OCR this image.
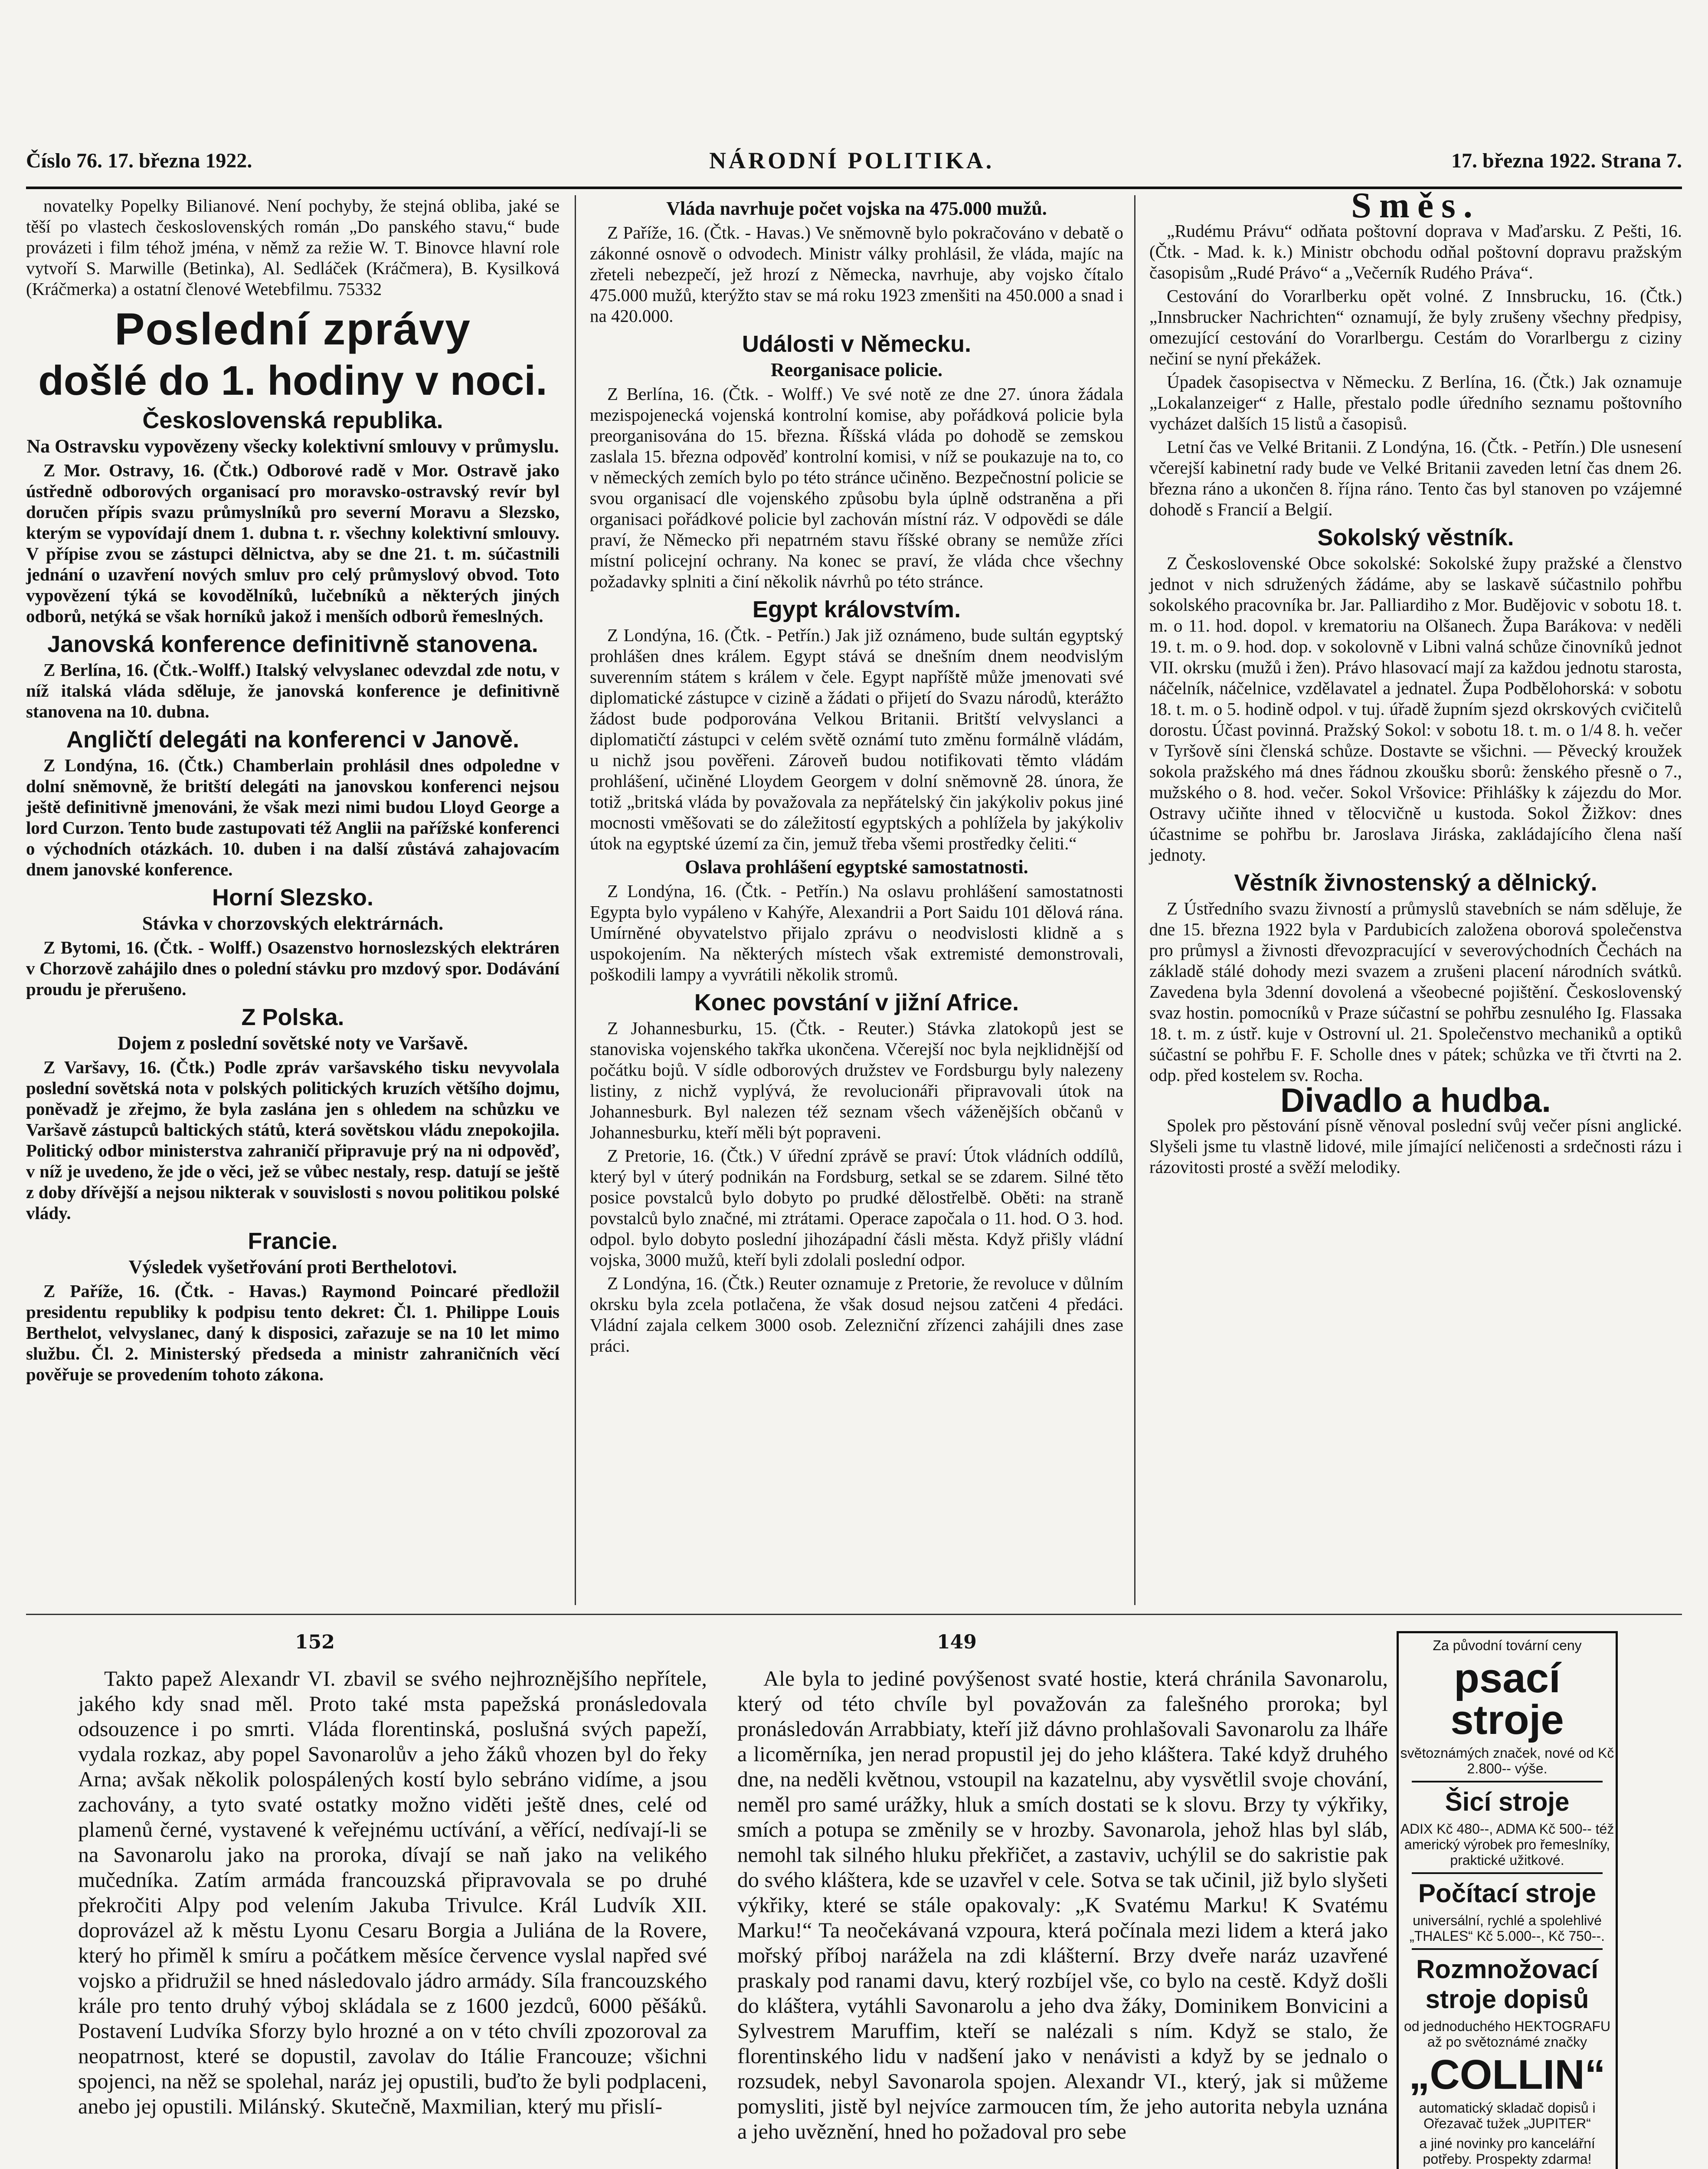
Číslo 76. 17. března 1922.	NÁRODNÍ POLITIKA.	17. března 1922. Strana 7.

novatelky Popelky Bilianové. Není pochyby, že stejná obliba, jaké se těší po vlastech československých román „Do panského stavu,“ bude provázeti i film téhož jména, v němž za režie W. T. Binovce hlavní role vytvoří S. Marwille (Betinka), Al. Sedláček (Kráčmera), B. Kysilková (Kráčmerka) a ostatní členové Wetebfilmu. 75332

Poslední zprávy
došlé do 1. hodiny v noci.
Československá republika.
Na Ostravsku vypovězeny všecky kolektivní smlouvy v průmyslu.

Z Mor. Ostravy, 16. (Čtk.) Odborové radě v Mor. Ostravě jako ústředně odborových organisací pro moravsko-ostravský revír byl doručen přípis svazu průmyslníků pro severní Moravu a Slezsko, kterým se vypovídají dnem 1. dubna t. r. všechny kolektivní smlouvy. V přípise zvou se zástupci dělnictva, aby se dne 21. t. m. súčastnili jednání o uzavření nových smluv pro celý průmyslový obvod. Toto vypovězení týká se kovodělníků, lučebníků a některých jiných odborů, netýká se však horníků jakož i menších odborů řemeslných.

Janovská konference definitivně stanovena.

Z Berlína, 16. (Čtk.-Wolff.) Italský velvyslanec odevzdal zde notu, v níž italská vláda sděluje, že janovská konference je definitivně stanovena na 10. dubna.

Angličtí delegáti na konferenci v Janově.

Z Londýna, 16. (Čtk.) Chamberlain prohlásil dnes odpoledne v dolní sněmovně, že britští delegáti na janovskou konferenci nejsou ještě definitivně jmenováni, že však mezi nimi budou Lloyd George a lord Curzon. Tento bude zastupovati též Anglii na pařížské konferenci o východních otázkách. 10. duben i na další zůstává zahajovacím dnem janovské konference.

Horní Slezsko.
Stávka v chorzovských elektrárnách.

Z Bytomi, 16. (Čtk. - Wolff.) Osazenstvo hornoslezských elektráren v Chorzově zahájilo dnes o polední stávku pro mzdový spor. Dodávání proudu je přerušeno.

Z Polska.
Dojem z poslední sovětské noty ve Varšavě.

Z Varšavy, 16. (Čtk.) Podle zpráv varšavského tisku nevyvolala poslední sovětská nota v polských politických kruzích většího dojmu, poněvadž je zřejmo, že byla zaslána jen s ohledem na schůzku ve Varšavě zástupců baltických států, která sovětskou vládu znepokojila. Politický odbor ministerstva zahraničí připravuje prý na ni odpověď, v níž je uvedeno, že jde o věci, jež se vůbec nestaly, resp. datují se ještě z doby dřívější a nejsou nikterak v souvislosti s novou politikou polské vlády.

Francie.
Výsledek vyšetřování proti Berthelotovi.

Z Paříže, 16. (Čtk. - Havas.) Raymond Poincaré předložil presidentu republiky k podpisu tento dekret: Čl. 1. Philippe Louis Berthelot, velvyslanec, daný k disposici, zařazuje se na 10 let mimo službu. Čl. 2. Ministerský předseda a ministr zahraničních věcí pověřuje se provedením tohoto zákona.

Vláda navrhuje počet vojska na 475.000 mužů.

Z Paříže, 16. (Čtk. - Havas.) Ve sněmovně bylo pokračováno v debatě o zákonné osnově o odvodech. Ministr války prohlásil, že vláda, majíc na zřeteli nebezpečí, jež hrozí z Německa, navrhuje, aby vojsko čítalo 475.000 mužů, kterýžto stav se má roku 1923 zmenšiti na 450.000 a snad i na 420.000.

Události v Německu.
Reorganisace policie.

Z Berlína, 16. (Čtk. - Wolff.) Ve své notě ze dne 27. února žádala mezispojenecká vojenská kontrolní komise, aby pořádková policie byla preorganisována do 15. března. Říšská vláda po dohodě se zemskou zaslala 15. března odpověď kontrolní komisi, v níž se poukazuje na to, co v německých zemích bylo po této stránce učiněno. Bezpečnostní policie se svou organisací dle vojenského způsobu byla úplně odstraněna a při organisaci pořádkové policie byl zachován místní ráz. V odpovědi se dále praví, že Německo při nepatrném stavu říšské obrany se nemůže zříci místní policejní ochrany. Na konec se praví, že vláda chce všechny požadavky splniti a činí několik návrhů po této stránce.

Egypt královstvím.

Z Londýna, 16. (Čtk. - Petřín.) Jak již oznámeno, bude sultán egyptský prohlášen dnes králem. Egypt stává se dnešním dnem neodvislým suverenním státem s králem v čele. Egypt napříště může jmenovati své diplomatické zástupce v cizině a žádati o přijetí do Svazu národů, kterážto žádost bude podporována Velkou Britanii. Britští velvyslanci a diplomatičtí zástupci v celém světě oznámí tuto změnu formálně vládám, u nichž jsou pověřeni. Zároveň budou notifikovati těmto vládám prohlášení, učiněné Lloydem Georgem v dolní sněmovně 28. února, že totiž „britská vláda by považovala za nepřátelský čin jakýkoliv pokus jiné mocnosti vměšovati se do záležitostí egyptských a pohlížela by jakýkoliv útok na egyptské území za čin, jemuž třeba všemi prostředky čeliti.“

Oslava prohlášení egyptské samostatnosti.

Z Londýna, 16. (Čtk. - Petřín.) Na oslavu prohlášení samostatnosti Egypta bylo vypáleno v Kahýře, Alexandrii a Port Saidu 101 dělová rána. Umírněné obyvatelstvo přijalo zprávu o neodvislosti klidně a s uspokojením. Na některých místech však extremisté demonstrovali, poškodili lampy a vyvrátili několik stromů.

Konec povstání v jižní Africe.

Z Johannesburku, 15. (Čtk. - Reuter.) Stávka zlatokopů jest se stanoviska vojenského takřka ukončena. Včerejší noc byla nejklidnější od počátku bojů. V sídle odborových družstev ve Fordsburgu byly nalezeny listiny, z nichž vyplývá, že revolucionáři připravovali útok na Johannesburk. Byl nalezen též seznam všech váženějších občanů v Johannesburku, kteří měli být popraveni.

Z Pretorie, 16. (Čtk.) V úřední zprávě se praví: Útok vládních oddílů, který byl v úterý podnikán na Fordsburg, setkal se se zdarem. Silné těto posice povstalců bylo dobyto po prudké dělostřelbě. Oběti: na straně povstalců bylo značné, mi ztrátami. Operace započala o 11. hod. O 3. hod. odpol. bylo dobyto poslední jihozápadní čásli města. Když přišly vládní vojska, 3000 mužů, kteří byli zdolali poslední odpor.

Z Londýna, 16. (Čtk.) Reuter oznamuje z Pretorie, že revoluce v důlním okrsku byla zcela potlačena, že však dosud nejsou zatčeni 4 předáci. Vládní zajala celkem 3000 osob. Zelezniční zřízenci zahájili dnes zase práci.

Směs.

„Rudému Právu“ odňata poštovní doprava v Maďarsku. Z Pešti, 16. (Čtk. - Mad. k. k.) Ministr obchodu odňal poštovní dopravu pražským časopisům „Rudé Právo“ a „Večerník Rudého Práva“.

Cestování do Vorarlberku opět volné. Z Innsbrucku, 16. (Čtk.) „Innsbrucker Nachrichten“ oznamují, že byly zrušeny všechny předpisy, omezující cestování do Vorarlbergu. Cestám do Vorarlbergu z ciziny nečiní se nyní překážek.

Úpadek časopisectva v Německu. Z Berlína, 16. (Čtk.) Jak oznamuje „Lokalanzeiger“ z Halle, přestalo podle úředního seznamu poštovního vycházet dalších 15 listů a časopisů.

Letní čas ve Velké Britanii. Z Londýna, 16. (Čtk. - Petřín.) Dle usnesení včerejší kabinetní rady bude ve Velké Britanii zaveden letní čas dnem 26. března ráno a ukončen 8. října ráno. Tento čas byl stanoven po vzájemné dohodě s Francií a Belgií.

Sokolský věstník.

Z Československé Obce sokolské: Sokolské župy pražské a členstvo jednot v nich sdružených žádáme, aby se laskavě súčastnilo pohřbu sokolského pracovníka br. Jar. Palliardiho z Mor. Budějovic v sobotu 18. t. m. o 11. hod. dopol. v krematoriu na Olšanech. Župa Barákova: v neděli 19. t. m. o 9. hod. dop. v sokolovně v Libni valná schůze činovníků jednot VII. okrsku (mužů i žen). Právo hlasovací mají za každou jednotu starosta, náčelník, náčelnice, vzdělavatel a jednatel. Župa Podbělohorská: v sobotu 18. t. m. o 5. hodině odpol. v tuj. úřadě župním sjezd okrskových cvičitelů dorostu. Účast povinná. Pražský Sokol: v sobotu 18. t. m. o 1/4 8. h. večer v Tyršově síni členská schůze. Dostavte se všichni. — Pěvecký kroužek sokola pražského má dnes řádnou zkoušku sborů: ženského přesně o 7., mužského o 8. hod. večer. Sokol Vršovice: Přihlášky k zájezdu do Mor. Ostravy učiňte ihned v tělocvičně u kustoda. Sokol Žižkov: dnes účastnime se pohřbu br. Jaroslava Jiráska, zakládajícího člena naší jednoty.

Věstník živnostenský a dělnický.

Z Ústředního svazu živností a průmyslů stavebních se nám sděluje, že dne 15. března 1922 byla v Pardubicích založena oborová společenstva pro průmysl a živnosti dřevozpracující v severovýchodních Čechách na základě stálé dohody mezi svazem a zrušeni placení národních svátků. Zavedena byla 3denní dovolená a všeobecné pojištění. Československý svaz hostin. pomocníků v Praze súčastní se pohřbu zesnulého Ig. Flassaka 18. t. m. z ústř. kuje v Ostrovní ul. 21. Společenstvo mechaniků a optiků súčastní se pohřbu F. F. Scholle dnes v pátek; schůzka ve tři čtvrti na 2. odp. před kostelem sv. Rocha.

Divadlo a hudba.

Spolek pro pěstování písně věnoval poslední svůj večer písni anglické. Slyšeli jsme tu vlastně lidové, mile jímající neličenosti a srdečnosti rázu i rázovitosti prosté a svěží melodiky.

152	149

Takto papež Alexandr VI. zbavil se svého nejhroznějšího nepřítele, jakého kdy snad měl. Proto také msta papežská pronásledovala odsouzence i po smrti. Vláda florentinská, poslušná svých papeží, vydala rozkaz, aby popel Savonarolův a jeho žáků vhozen byl do řeky Arna; avšak několik polospálených kostí bylo sebráno vidíme, a jsou zachovány, a tyto svaté ostatky možno viděti ještě dnes, celé od plamenů černé, vystavené k veřejnému uctívání, a věřící, nedívají-li se na Savonarolu jako na proroka, dívají se naň jako na velikého mučedníka. Zatím armáda francouzská připravovala se po druhé překročiti Alpy pod velením Jakuba Trivulce. Král Ludvík XII. doprovázel až k městu Lyonu Cesaru Borgia a Juliána de la Rovere, který ho přiměl k smíru a počátkem měsíce července vyslal napřed své vojsko a přidružil se hned následovalo jádro armády. Síla francouzského krále pro tento druhý výboj skládala se z 1600 jezdců, 6000 pěšáků. Postavení Ludvíka Sforzy bylo hrozné a on v této chvíli zpozoroval za neopatrnost, které se dopustil, zavolav do Itálie Francouze; všichni spojenci, na něž se spolehal, naráz jej opustili, buďto že byli podplaceni, anebo jej opustili. Milánský. Skutečně, Maxmilian, který mu přislí-

Ale byla to jediné povýšenost svaté hostie, která chránila Savonarolu, který od této chvíle byl považován za falešného proroka; byl pronásledován Arrabbiaty, kteří již dávno prohlašovali Savonarolu za lháře a licoměrníka, jen nerad propustil jej do jeho kláštera. Také když druhého dne, na neděli květnou, vstoupil na kazatelnu, aby vysvětlil svoje chování, neměl pro samé urážky, hluk a smích dostati se k slovu. Brzy ty výkřiky, smích a potupa se změnily se v hrozby. Savonarola, jehož hlas byl sláb, nemohl tak silného hluku překřičet, a zastaviv, uchýlil se do sakristie pak do svého kláštera, kde se uzavřel v cele. Sotva se tak učinil, již bylo slyšeti výkřiky, které se stále opakovaly: „K Svatému Marku! K Svatému Marku!“ Ta neočekávaná vzpoura, která počínala mezi lidem a která jako mořský příboj narážela na zdi klášterní. Brzy dveře naráz uzavřené praskaly pod ranami davu, který rozbíjel vše, co bylo na cestě. Když došli do kláštera, vytáhli Savonarolu a jeho dva žáky, Dominikem Bonvicini a Sylvestrem Maruffim, kteří se nalézali s ním. Když se stalo, že florentinského lidu v nadšení jako v nenávisti a když by se jednalo o rozsudek, nebyl Savonarola spojen. Alexandr VI., který, jak si můžeme pomysliti, jistě byl nejvíce zarmoucen tím, že jeho autorita nebyla uznána a jeho uvěznění, hned ho požadoval pro sebe

Za původní tovární ceny
psací stroje
světoznámých značek, nové od Kč 2.800-- výše.
Šicí stroje
ADIX Kč 480--, ADMA Kč 500-- též americký výrobek pro řemeslníky, praktické užitkové.
Počítací stroje
universální, rychlé a spolehlivé „THALES“ Kč 5.000--, Kč 750--.
Rozmnožovací stroje dopisů
od jednoduchého HEKTOGRAFU až po světoznámé značky
„COLLIN“
automatický skladač dopisů i Ořezavač tužek „JUPITER“
a jiné novinky pro kancelářní potřeby. Prospekty zdarma!
